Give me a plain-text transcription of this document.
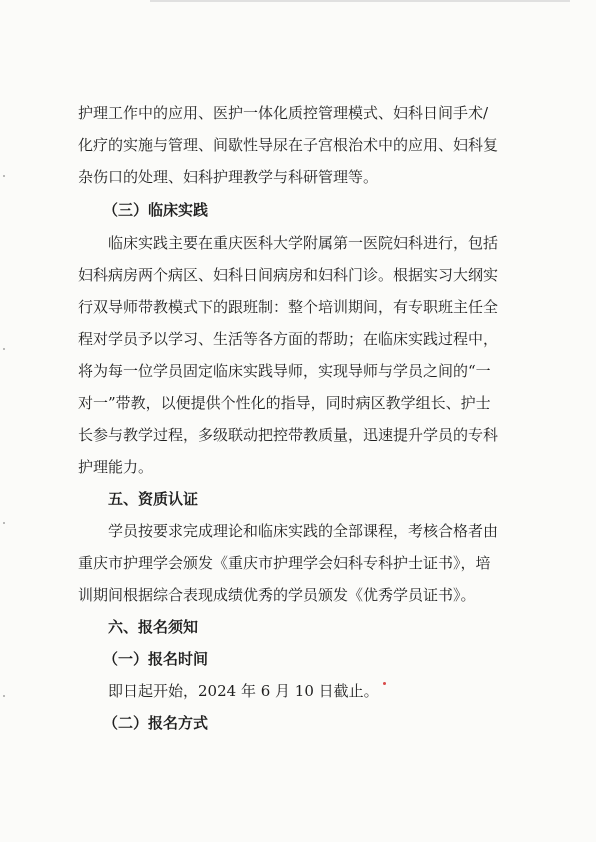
护理工作中的应用、医护一体化质控管理模式、妇科日间手术/
化疗的实施与管理、间歇性导尿在子宫根治术中的应用、妇科复
杂伤口的处理、妇科护理教学与科研管理等。
（三）临床实践
临床实践主要在重庆医科大学附属第一医院妇科进行，包括
妇科病房两个病区、妇科日间病房和妇科门诊。根据实习大纲实
行双导师带教模式下的跟班制：整个培训期间，有专职班主任全
程对学员予以学习、生活等各方面的帮助；在临床实践过程中，
将为每一位学员固定临床实践导师，实现导师与学员之间的“一
对一”带教，以便提供个性化的指导，同时病区教学组长、护士
长参与教学过程，多级联动把控带教质量，迅速提升学员的专科
护理能力。
五、资质认证
学员按要求完成理论和临床实践的全部课程，考核合格者由
重庆市护理学会颁发《重庆市护理学会妇科专科护士证书》，培
训期间根据综合表现成绩优秀的学员颁发《优秀学员证书》。
六、报名须知
（一）报名时间
即日起开始，2024 年 6 月 10 日截止。
（二）报名方式
